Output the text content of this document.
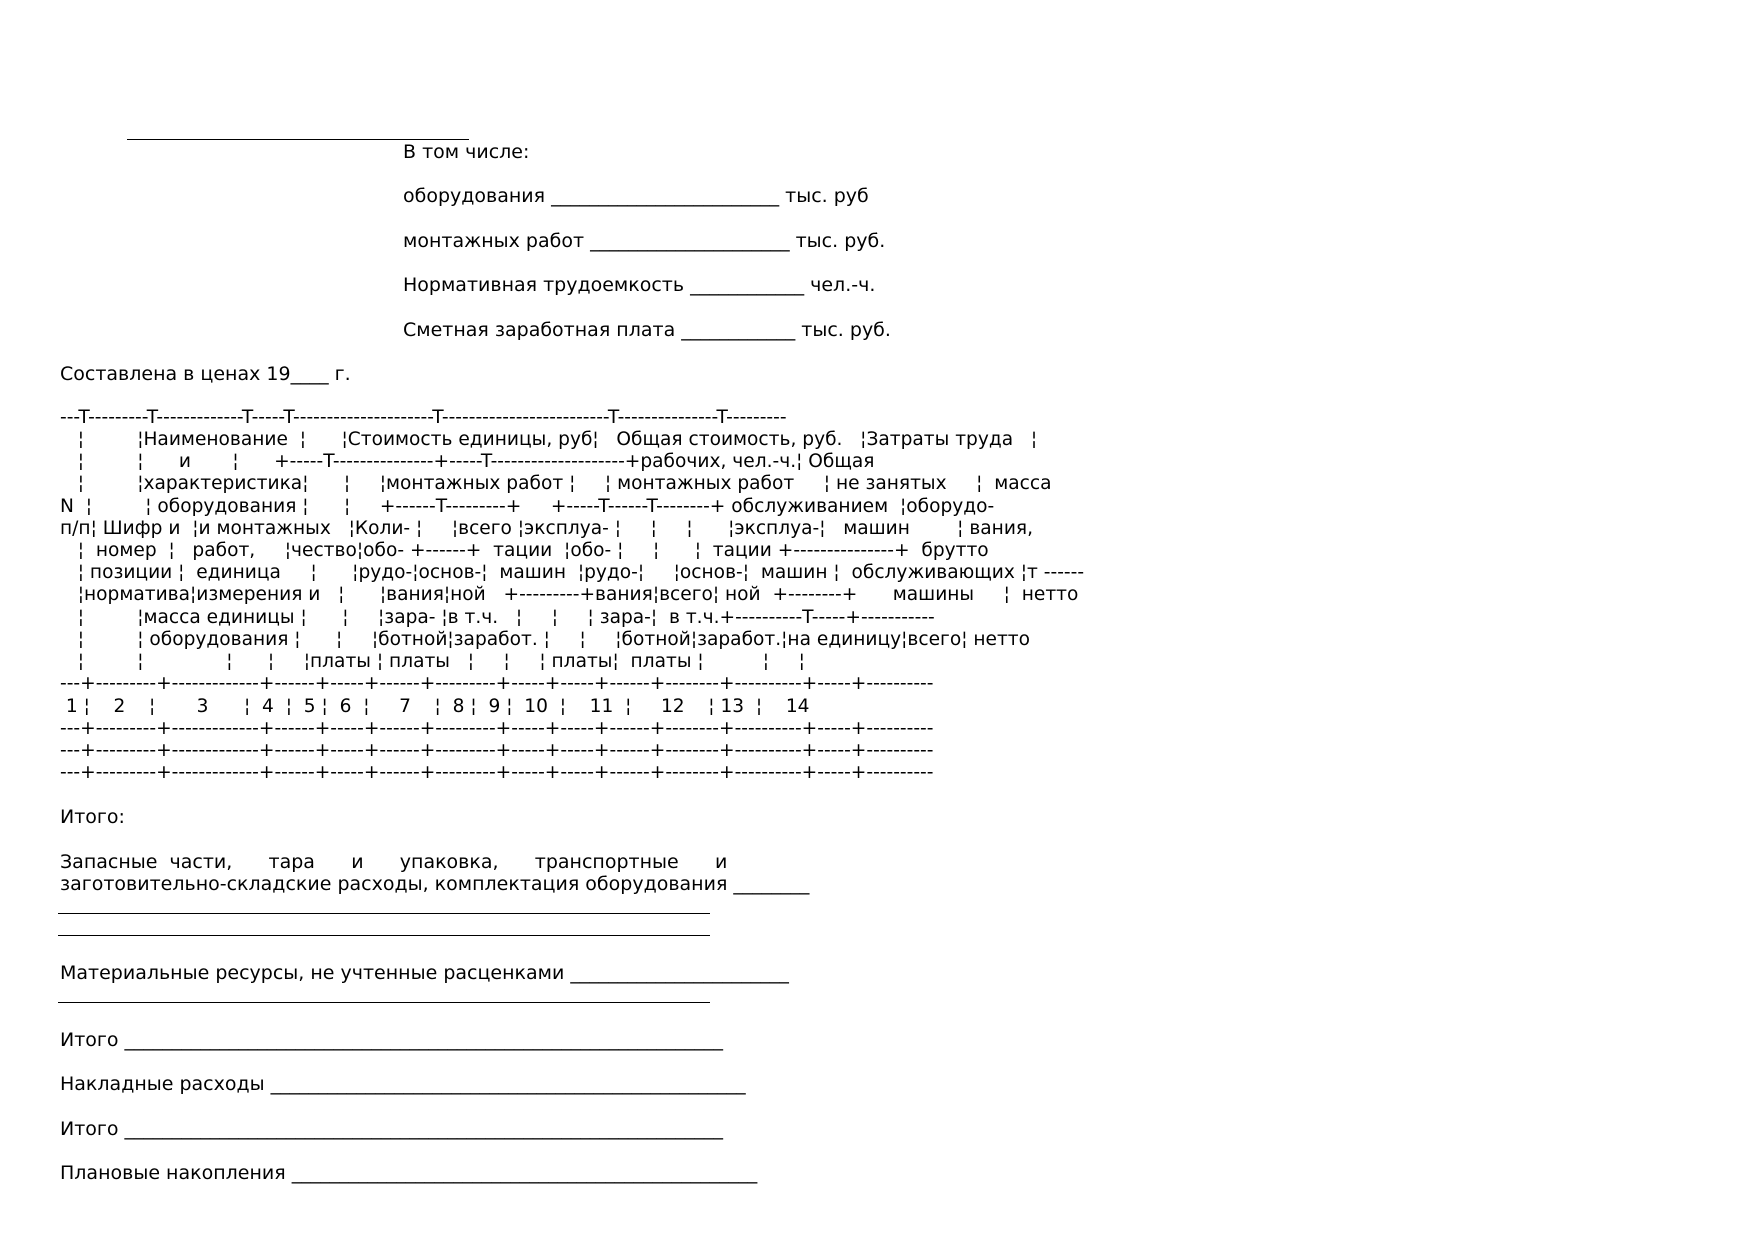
В том числе:
оборудования ________________________ тыс. руб
монтажных работ _____________________ тыс. руб.
Нормативная трудоемкость ____________ чел.-ч.
Сметная заработная плата ____________ тыс. руб.
Составлена в ценах 19____ г.
---T---------T-------------T-----T---------------------T-------------------------T---------------T---------
¦         ¦Наименование  ¦      ¦Стоимость единицы, руб¦   Общая стоимость, руб.   ¦Затраты труда   ¦
¦         ¦      и       ¦      +-----T---------------+-----T--------------------+рабочих, чел.-ч.¦ Общая
¦         ¦характеристика¦      ¦     ¦монтажных работ ¦     ¦ монтажных работ     ¦ не занятых     ¦  масса
N  ¦         ¦ оборудования ¦      ¦     +------T---------+     +-----T------T--------+ обслуживанием  ¦оборудо-
п/п¦ Шифр и  ¦и монтажных   ¦Коли- ¦     ¦всего ¦эксплуа- ¦     ¦     ¦      ¦эксплуа-¦   машин        ¦ вания,
¦  номер  ¦   работ,     ¦чество¦обо- +------+  тации  ¦обо- ¦     ¦      ¦  тации +---------------+  брутто
¦ позиции ¦  единица     ¦      ¦рудо-¦основ-¦  машин  ¦рудо-¦     ¦основ-¦  машин ¦  обслуживающих ¦т ------
¦нормативa¦измерения и   ¦      ¦вания¦ной   +---------+вания¦всего¦ ной  +--------+      машины     ¦  нетто
¦         ¦масса единицы ¦      ¦     ¦зара- ¦в т.ч.   ¦     ¦     ¦ зара-¦  в т.ч.+----------T-----+-----------
¦         ¦ оборудования ¦      ¦     ¦ботной¦заработ. ¦     ¦     ¦ботной¦заработ.¦на единицу¦всего¦ нетто
¦         ¦              ¦      ¦     ¦платы ¦ платы   ¦     ¦     ¦ платы¦  платы ¦          ¦     ¦
---+---------+-------------+------+-----+------+---------+-----+-----+------+--------+----------+-----+----------
1 ¦    2    ¦       3      ¦  4  ¦  5 ¦  6  ¦     7    ¦  8 ¦  9 ¦  10  ¦    11  ¦     12    ¦ 13  ¦    14
---+---------+-------------+------+-----+------+---------+-----+-----+------+--------+----------+-----+----------
---+---------+-------------+------+-----+------+---------+-----+-----+------+--------+----------+-----+----------
---+---------+-------------+------+-----+------+---------+-----+-----+------+--------+----------+-----+----------
Итого:
Запасные  части,      тара      и      упаковка,      транспортные      и
заготовительно-складские расходы, комплектация оборудования ________
Материальные ресурсы, не учтенные расценками _______________________
Итого _______________________________________________________________
Накладные расходы __________________________________________________
Итого _______________________________________________________________
Плановые накопления _________________________________________________
